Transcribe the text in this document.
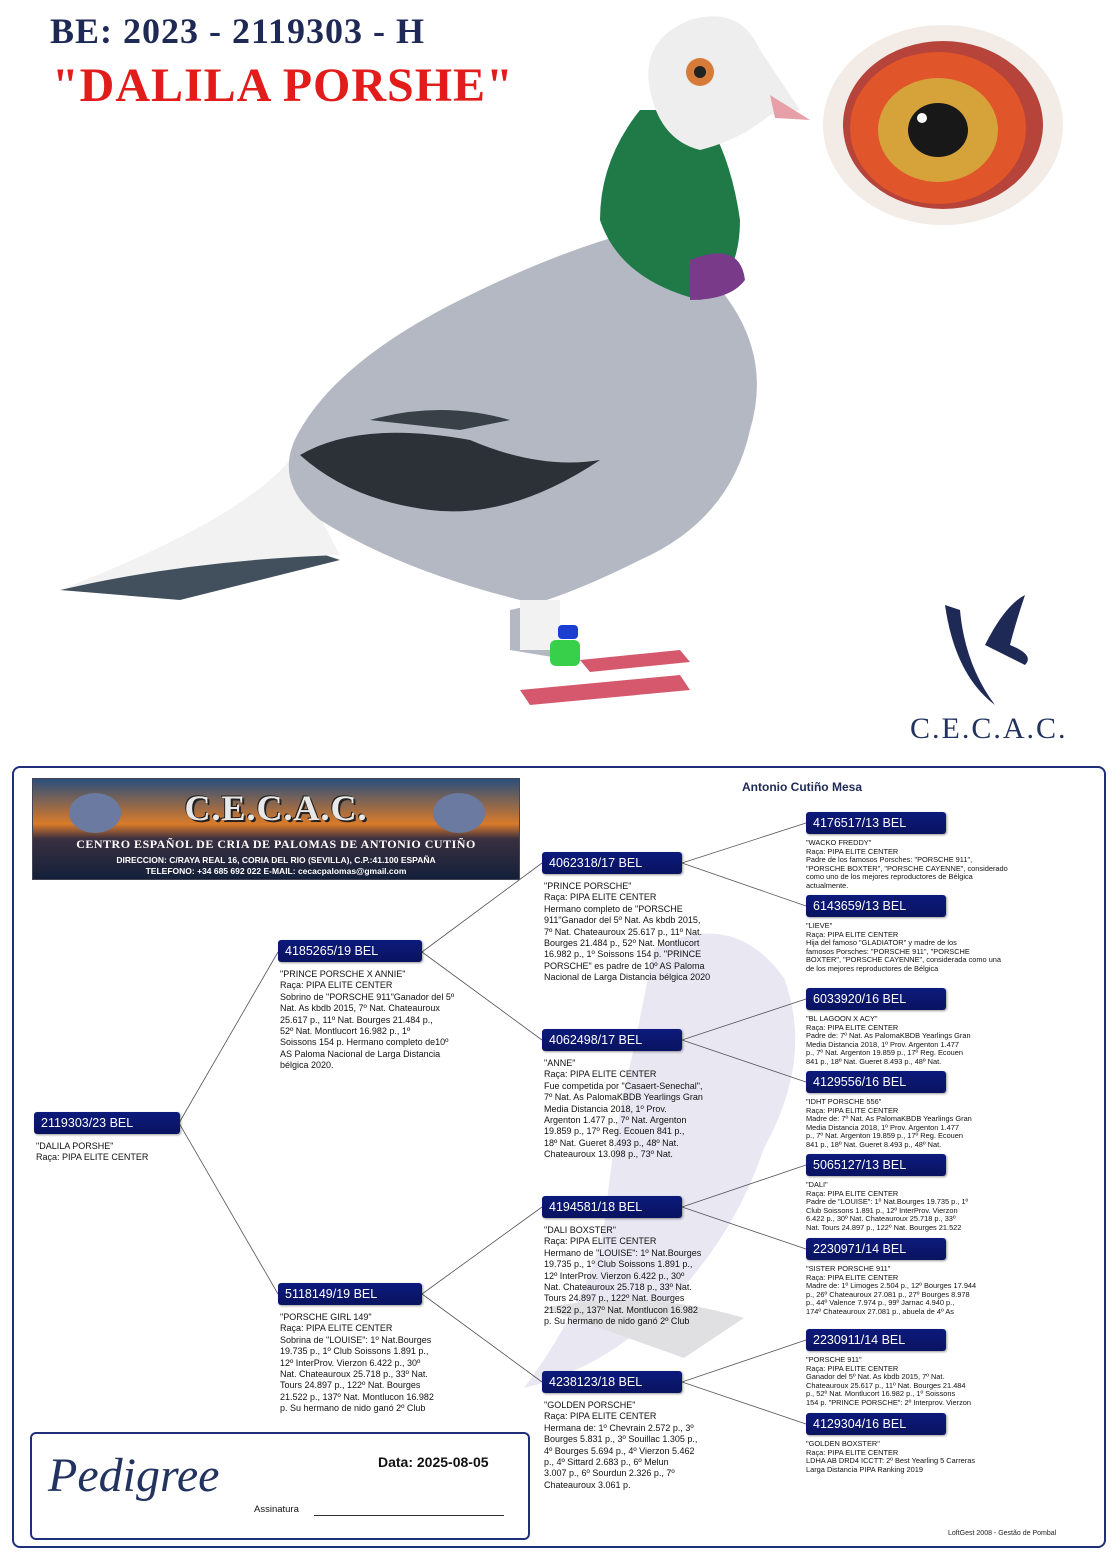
BE: 2023 - 2119303 - H
"DALILA PORSHE"
C.E.C.A.C.
C.E.C.A.C.
CENTRO ESPAÑOL DE CRIA DE PALOMAS DE ANTONIO CUTIÑO
DIRECCION: C/RAYA REAL 16, CORIA DEL RIO (SEVILLA), C.P.:41.100 ESPAÑA
TELEFONO: +34 685 692 022 E-MAIL: cecacpalomas@gmail.com
Antonio Cutiño Mesa
2119303/23 BEL
"DALILA PORSHE"
Raça: PIPA ELITE CENTER
4185265/19 BEL
"PRINCE PORSCHE X ANNIE"
Raça: PIPA ELITE CENTER
Sobrino de "PORSCHE 911"Ganador del 5º
Nat. As kbdb 2015, 7º Nat. Chateauroux
25.617 p., 11º Nat. Bourges 21.484 p.,
52º Nat. Montlucort 16.982 p., 1º
Soissons 154 p. Hermano completo de10º
AS Paloma Nacional de Larga Distancia
bélgica 2020.
5118149/19 BEL
"PORSCHE GIRL 149"
Raça: PIPA ELITE CENTER
Sobrina de "LOUISE": 1º Nat.Bourges
19.735 p., 1º Club Soissons 1.891 p.,
12º InterProv. Vierzon 6.422 p., 30º
Nat. Chateauroux 25.718 p., 33º Nat.
Tours 24.897 p., 122º Nat. Bourges
21.522 p., 137º Nat. Montlucon 16.982
p. Su hermano de nido ganó 2º Club
4062318/17 BEL
"PRINCE PORSCHE"
Raça: PIPA ELITE CENTER
Hermano completo de "PORSCHE
911"Ganador del 5º Nat. As kbdb 2015,
7º Nat. Chateauroux 25.617 p., 11º Nat.
Bourges 21.484 p., 52º Nat. Montlucort
16.982 p., 1º Soissons 154 p. "PRINCE
PORSCHE" es padre de 10º AS Paloma
Nacional de Larga Distancia bélgica 2020
4062498/17 BEL
"ANNE"
Raça: PIPA ELITE CENTER
Fue competida por "Casaert-Senechal",
7º Nat. As PalomaKBDB Yearlings Gran
Media Distancia 2018, 1º Prov.
Argenton 1.477 p., 7º Nat. Argenton
19.859 p., 17º Reg. Ecouen 841 p.,
18º Nat. Gueret 8.493 p., 48º Nat.
Chateauroux 13.098 p., 73º Nat.
4194581/18 BEL
"DALI BOXSTER"
Raça: PIPA ELITE CENTER
Hermano de "LOUISE": 1º Nat.Bourges
19.735 p., 1º Club Soissons 1.891 p.,
12º InterProv. Vierzon 6.422 p., 30º
Nat. Chateauroux 25.718 p., 33º Nat.
Tours 24.897 p., 122º Nat. Bourges
21.522 p., 137º Nat. Montlucon 16.982
p. Su hermano de nido ganó 2º Club
4238123/18 BEL
"GOLDEN PORSCHE"
Raça: PIPA ELITE CENTER
Hermana de: 1º Chevrain 2.572 p., 3º
Bourges 5.831 p., 3º Souillac 1.305 p.,
4º Bourges 5.694 p., 4º Vierzon 5.462
p., 4º Sittard 2.683 p., 6º Melun
3.007 p., 6º Sourdun 2.326 p., 7º
Chateauroux 3.061 p.
4176517/13 BEL
"WACKO FREDDY"
Raça: PIPA ELITE CENTER
Padre de los famosos Porsches: "PORSCHE 911",
"PORSCHE BOXTER", "PORSCHE CAYENNE", considerado
como uno de los mejores reproductores de Bélgica
actualmente.
6143659/13 BEL
"LIEVE"
Raça: PIPA ELITE CENTER
Hija del famoso "GLADIATOR" y madre de los
famosos Porsches: "PORSCHE 911", "PORSCHE
BOXTER", "PORSCHE CAYENNE", considerada como una
de los mejores reproductores de Bélgica
6033920/16 BEL
"BL LAGOON X ACY"
Raça: PIPA ELITE CENTER
Padre de: 7º Nat. As PalomaKBDB Yearlings Gran
Media Distancia 2018, 1º Prov. Argenton 1.477
p., 7º Nat. Argenton 19.859 p., 17º Reg. Ecouen
841 p., 18º Nat. Gueret 8.493 p., 48º Nat.
4129556/16 BEL
"IDHT PORSCHE 556"
Raça: PIPA ELITE CENTER
Madre de: 7º Nat. As PalomaKBDB Yearlings Gran
Media Distancia 2018, 1º Prov. Argenton 1.477
p., 7º Nat. Argenton 19.859 p., 17º Reg. Ecouen
841 p., 18º Nat. Gueret 8.493 p., 48º Nat.
5065127/13 BEL
"DALI"
Raça: PIPA ELITE CENTER
Padre de "LOUISE": 1º Nat.Bourges 19.735 p., 1º
Club Soissons 1.891 p., 12º InterProv. Vierzon
6.422 p., 30º Nat. Chateauroux 25.718 p., 33º
Nat. Tours 24.897 p., 122º Nat. Bourges 21.522
2230971/14 BEL
"SISTER PORSCHE 911"
Raça: PIPA ELITE CENTER
Madre de: 1º Limoges 2.504 p., 12º Bourges 17.944
p., 26º Chateauroux 27.081 p., 27º Bourges 8.978
p., 44º Valence 7.974 p., 99º Jarnac 4.940 p.,
174º Chateauroux 27.081 p., abuela de 4º As
2230911/14 BEL
"PORSCHE 911"
Raça: PIPA ELITE CENTER
Ganador del 5º Nat. As kbdb 2015, 7º Nat.
Chateauroux 25.617 p., 11º Nat. Bourges 21.484
p., 52º Nat. Montlucort 16.982 p., 1º Soissons
154 p. "PRINCE PORSCHE": 2º Interprov. Vierzon
4129304/16 BEL
"GOLDEN BOXSTER"
Raça: PIPA ELITE CENTER
LDHA AB DRD4 ICCTT: 2º Best Yearling 5 Carreras
Larga Distancia PIPA Ranking 2019
Pedigree	Data: 2025-08-05
Assinatura
LoftGest 2008 - Gestão de Pombal
